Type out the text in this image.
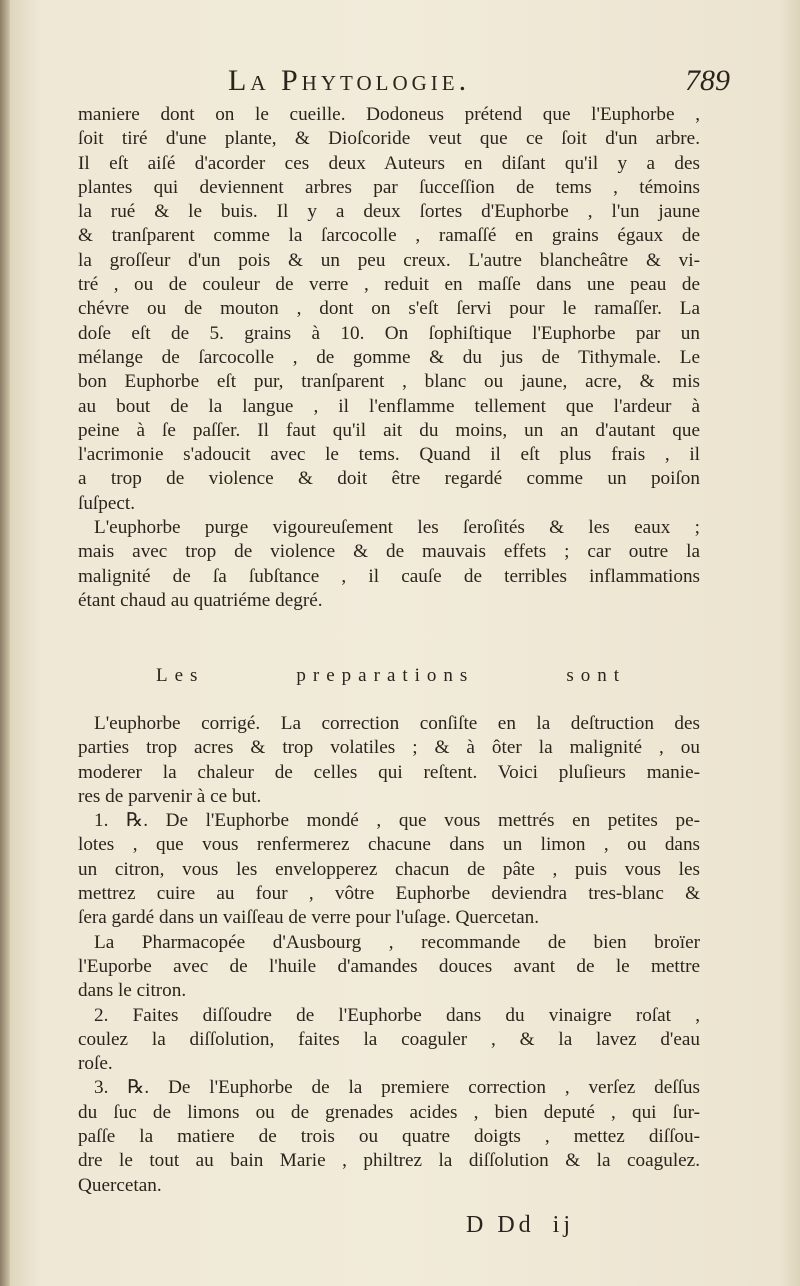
La Phytologie.	789

maniere dont on le cueille. Dodoneus prétend que l'Euphorbe ,
ſoit tiré d'une plante, & Dioſcoride veut que ce ſoit d'un arbre.
Il eſt aiſé d'acorder ces deux Auteurs en diſant qu'il y a des
plantes qui deviennent arbres par ſucceſſion de tems , témoins
la rué & le buis. Il y a deux ſortes d'Euphorbe , l'un jaune
& tranſparent comme la ſarcocolle , ramaſſé en grains égaux de
la groſſeur d'un pois & un peu creux. L'autre blancheâtre & vi-
tré , ou de couleur de verre , reduit en maſſe dans une peau de
chévre ou de mouton , dont on s'eſt ſervi pour le ramaſſer. La
doſe eſt de 5. grains à 10. On ſophiſtique l'Euphorbe par un
mélange de ſarcocolle , de gomme & du jus de Tithymale. Le
bon Euphorbe eſt pur, tranſparent , blanc ou jaune, acre, & mis
au bout de la langue , il l'enflamme tellement que l'ardeur à
peine à ſe paſſer. Il faut qu'il ait du moins, un an d'autant que
l'acrimonie s'adoucit avec le tems. Quand il eſt plus frais , il
a trop de violence & doit être regardé comme un poiſon
ſuſpect.

L'euphorbe purge vigoureuſement les ſeroſités & les eaux ;
mais avec trop de violence & de mauvais effets ; car outre la
malignité de ſa ſubſtance , il cauſe de terribles inflammations
étant chaud au quatriéme degré.

Les	preparations	sont

L'euphorbe corrigé. La correction conſiſte en la deſtruction des
parties trop acres & trop volatiles ; & à ôter la malignité , ou
moderer la chaleur de celles qui reſtent. Voici pluſieurs manie-
res de parvenir à ce but.

1. ℞. De l'Euphorbe mondé , que vous mettrés en petites pe-
lotes , que vous renfermerez chacune dans un limon , ou dans
un citron, vous les envelopperez chacun de pâte , puis vous les
mettrez cuire au four , vôtre Euphorbe deviendra tres-blanc &
ſera gardé dans un vaiſſeau de verre pour l'uſage. Quercetan.

La Pharmacopée d'Ausbourg , recommande de bien broïer
l'Euporbe avec de l'huile d'amandes douces avant de le mettre
dans le citron.

2. Faites diſſoudre de l'Euphorbe dans du vinaigre roſat ,
coulez la diſſolution, faites la coaguler , & la lavez d'eau
roſe.

3. ℞. De l'Euphorbe de la premiere correction , verſez deſſus
du ſuc de limons ou de grenades acides , bien deputé , qui ſur-
paſſe la matiere de trois ou quatre doigts , mettez diſſou-
dre le tout au bain Marie , philtrez la diſſolution & la coagulez.
Quercetan.

D Dd ij
